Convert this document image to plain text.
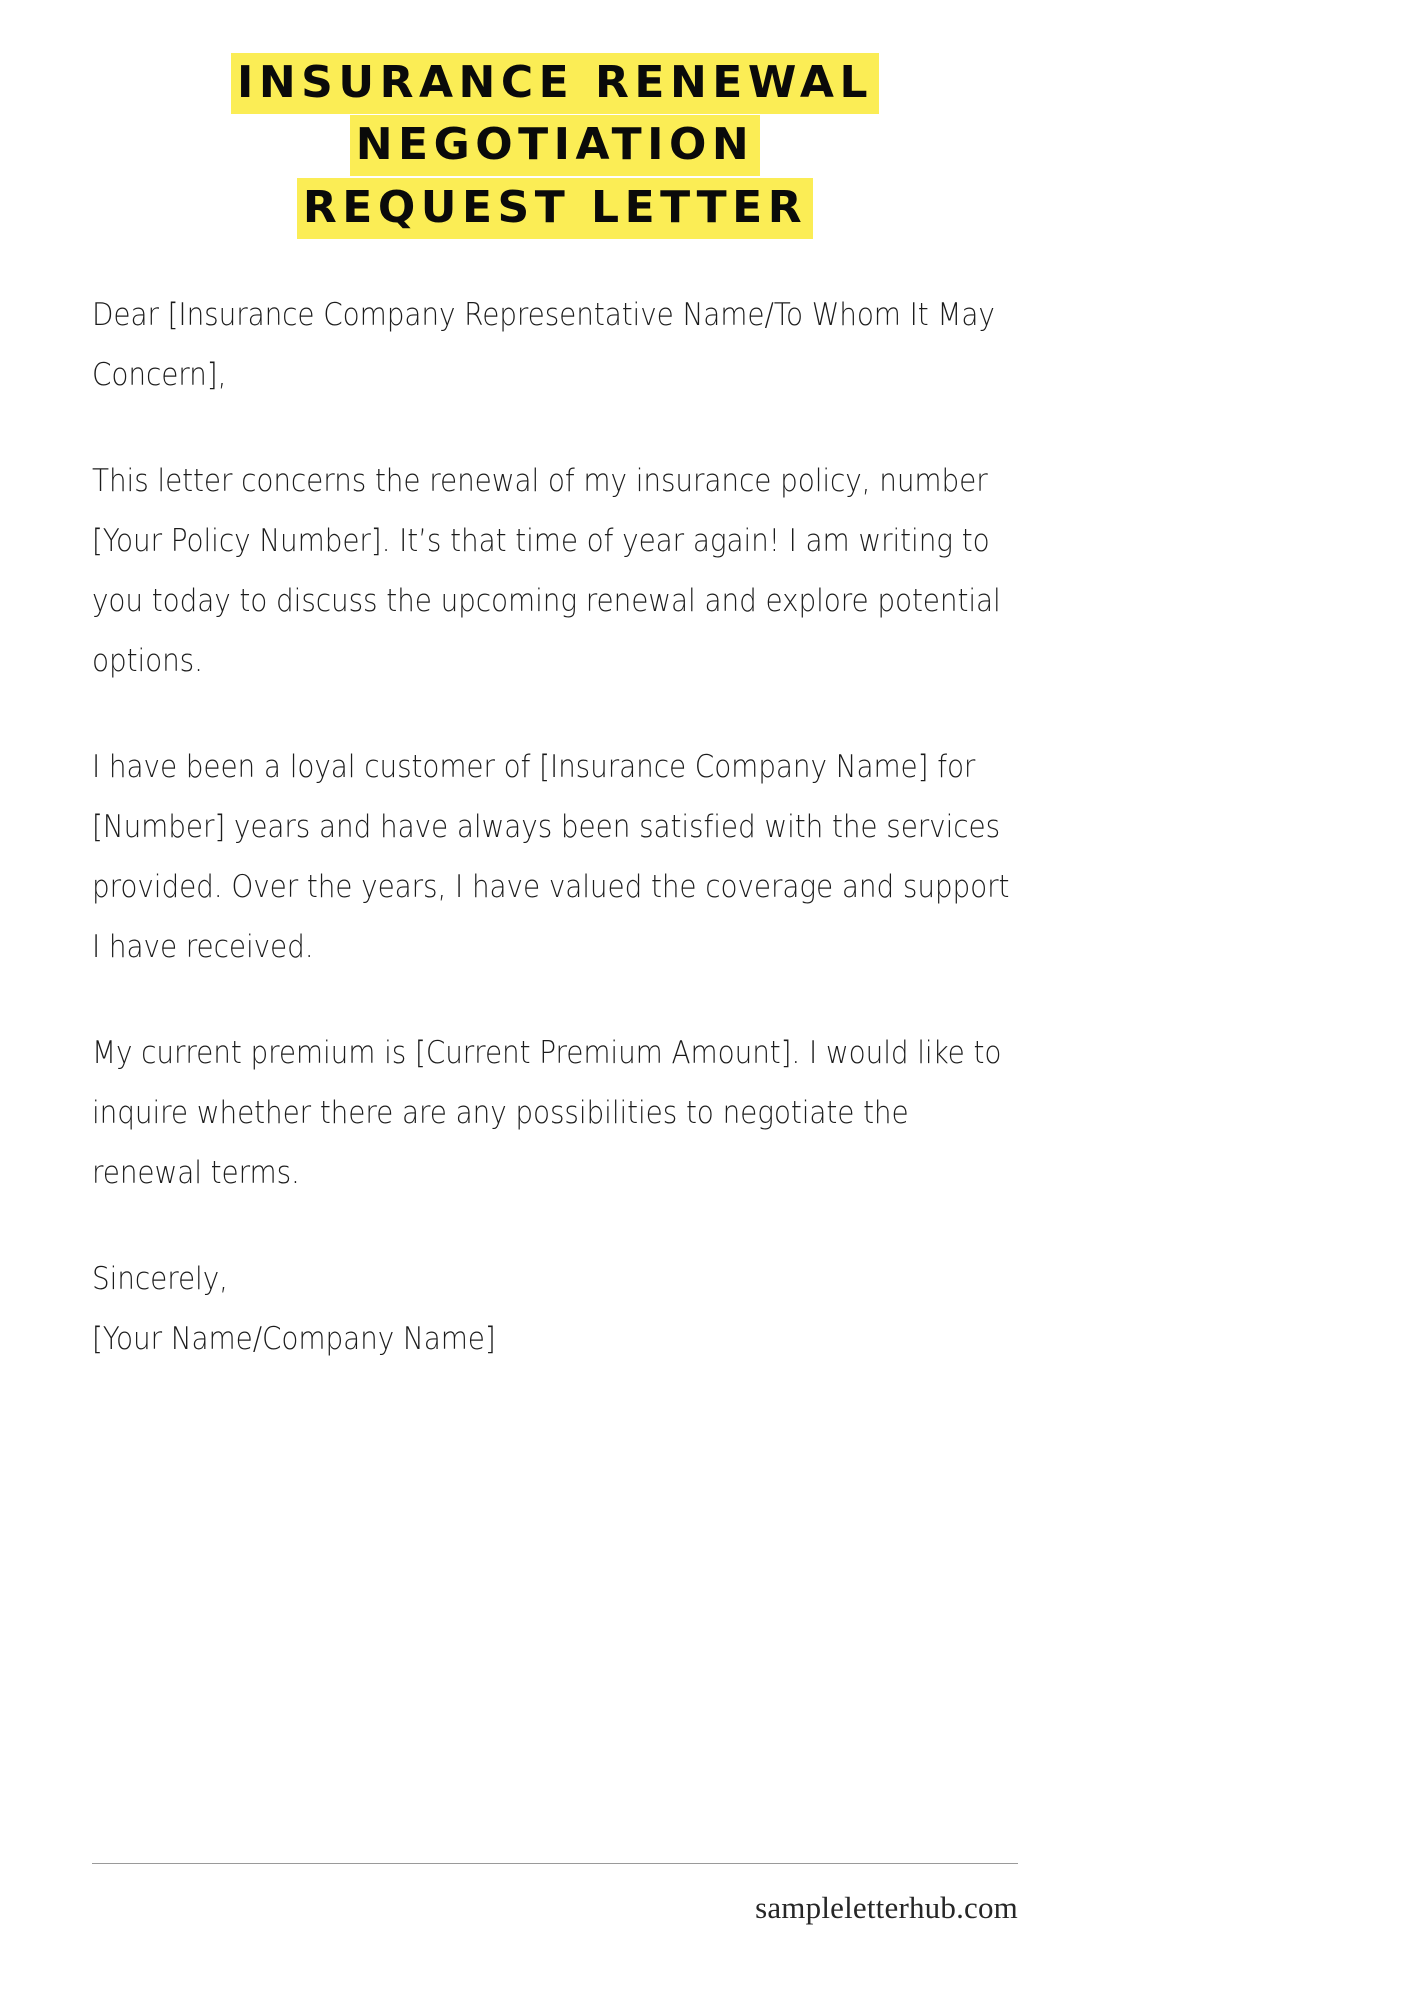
INSURANCE RENEWAL NEGOTIATION
REQUEST LETTER

Dear [Insurance Company Representative Name/To Whom It May Concern],

This letter concerns the renewal of my insurance policy, number [Your Policy Number]. It’s that time of year again! I am writing to you today to discuss the upcoming renewal and explore potential options.

I have been a loyal customer of [Insurance Company Name] for [Number] years and have always been satisfied with the services provided. Over the years, I have valued the coverage and support I have received.

My current premium is [Current Premium Amount]. I would like to inquire whether there are any possibilities to negotiate the renewal terms.

Sincerely,
[Your Name/Company Name]

sampleletterhub.com
